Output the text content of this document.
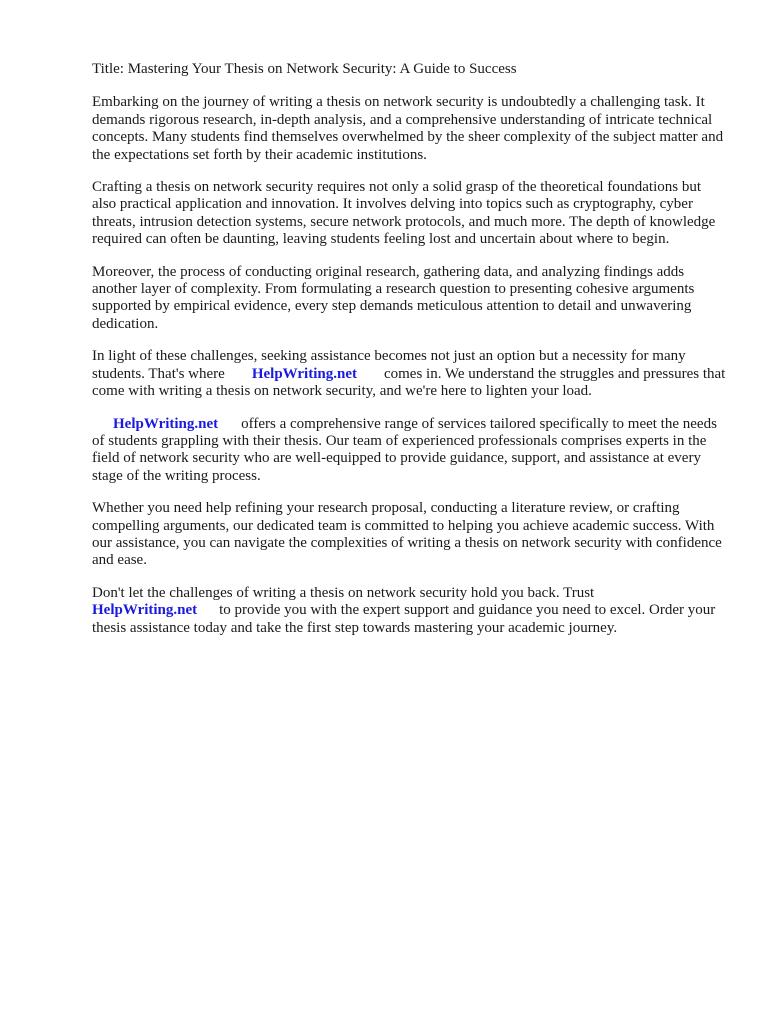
Title: Mastering Your Thesis on Network Security: A Guide to Success

Embarking on the journey of writing a thesis on network security is undoubtedly a challenging task. It demands rigorous research, in-depth analysis, and a comprehensive understanding of intricate technical concepts. Many students find themselves overwhelmed by the sheer complexity of the subject matter and the expectations set forth by their academic institutions.

Crafting a thesis on network security requires not only a solid grasp of the theoretical foundations but also practical application and innovation. It involves delving into topics such as cryptography, cyber threats, intrusion detection systems, secure network protocols, and much more. The depth of knowledge required can often be daunting, leaving students feeling lost and uncertain about where to begin.

Moreover, the process of conducting original research, gathering data, and analyzing findings adds another layer of complexity. From formulating a research question to presenting cohesive arguments supported by empirical evidence, every step demands meticulous attention to detail and unwavering dedication.

In light of these challenges, seeking assistance becomes not just an option but a necessity for many students. That's where HelpWriting.net comes in. We understand the struggles and pressures that come with writing a thesis on network security, and we're here to lighten your load.

HelpWriting.net offers a comprehensive range of services tailored specifically to meet the needs of students grappling with their thesis. Our team of experienced professionals comprises experts in the field of network security who are well-equipped to provide guidance, support, and assistance at every stage of the writing process.

Whether you need help refining your research proposal, conducting a literature review, or crafting compelling arguments, our dedicated team is committed to helping you achieve academic success. With our assistance, you can navigate the complexities of writing a thesis on network security with confidence and ease.

Don't let the challenges of writing a thesis on network security hold you back. Trust
HelpWriting.net to provide you with the expert support and guidance you need to excel. Order your thesis assistance today and take the first step towards mastering your academic journey.
